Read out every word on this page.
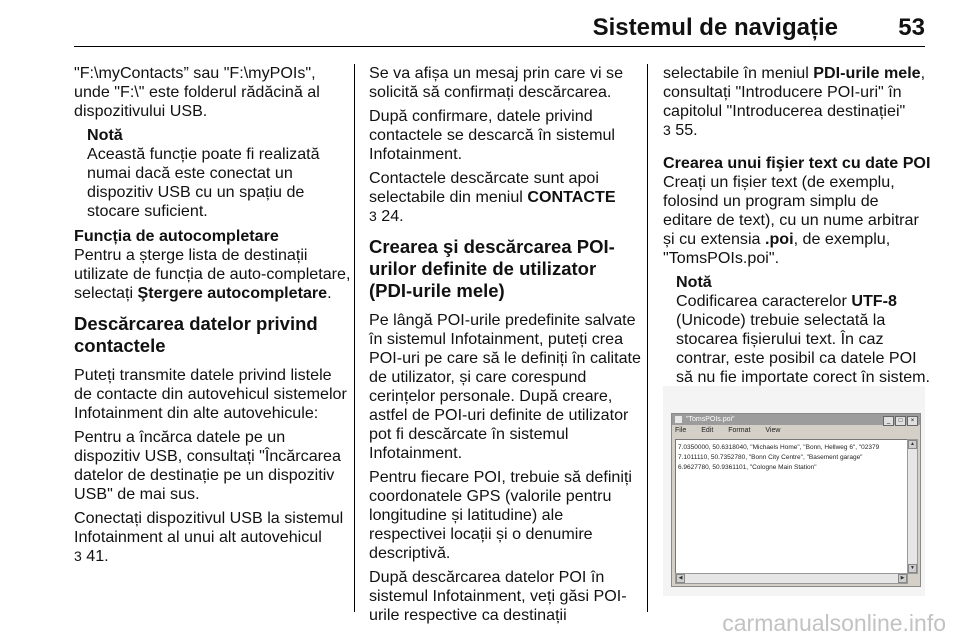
Sistemul de navigație	53

"F:\myContacts” sau "F:\myPOIs", unde "F:\" este folderul rădăcină al dispozitivului USB.

Notă

Această funcție poate fi realizată numai dacă este conectat un dispozitiv USB cu un spațiu de stocare suficient.

Funcția de autocompletare

Pentru a șterge lista de destinații utilizate de funcția de auto-completare, selectați Ştergere autocompletare.

Descărcarea datelor privind contactele

Puteți transmite datele privind listele de contacte din autovehicul sistemelor Infotainment din alte autovehicule:

Pentru a încărca datele pe un dispozitiv USB, consultați "Încărcarea datelor de destinație pe un dispozitiv USB" de mai sus.

Conectați dispozitivul USB la sistemul Infotainment al unui alt autovehicul
3 41.

Se va afișa un mesaj prin care vi se solicită să confirmați descărcarea.

După confirmare, datele privind contactele se descarcă în sistemul Infotainment.

Contactele descărcate sunt apoi selectabile din meniul CONTACTE
3 24.

Crearea şi descărcarea POI-urilor definite de utilizator (PDI-urile mele)

Pe lângă POI-urile predefinite salvate în sistemul Infotainment, puteți crea POI-uri pe care să le definiți în calitate de utilizator, și care corespund cerințelor personale. După creare, astfel de POI-uri definite de utilizator pot fi descărcate în sistemul Infotainment.

Pentru fiecare POI, trebuie să definiți coordonatele GPS (valorile pentru longitudine și latitudine) ale respectivei locații și o denumire descriptivă.

După descărcarea datelor POI în sistemul Infotainment, veți găsi POI-urile respective ca destinații

selectabile în meniul PDI-urile mele, consultați "Introducere POI-uri" în capitolul "Introducerea destinației"
3 55.

Crearea unui fişier text cu date POI

Creați un fișier text (de exemplu, folosind un program simplu de editare de text), cu un nume arbitrar și cu extensia .poi, de exemplu, "TomsPOIs.poi".

Notă

Codificarea caracterelor UTF-8 (Unicode) trebuie selectată la stocarea fișierului text. În caz contrar, este posibil ca datele POI să nu fie importate corect în sistem.

"TomsPOIs.poi"	_ □ ×
File Edit Format View
7.0350000, 50.6318040, "Michaels Home", "Bonn, Hellweg 6", "02379
7.1011110, 50.7352780, "Bonn City Centre", "Basement garage"
6.9627780, 50.9361101, "Cologne Main Station"
▲
▼
◀	▶
carmanualsonline.info
